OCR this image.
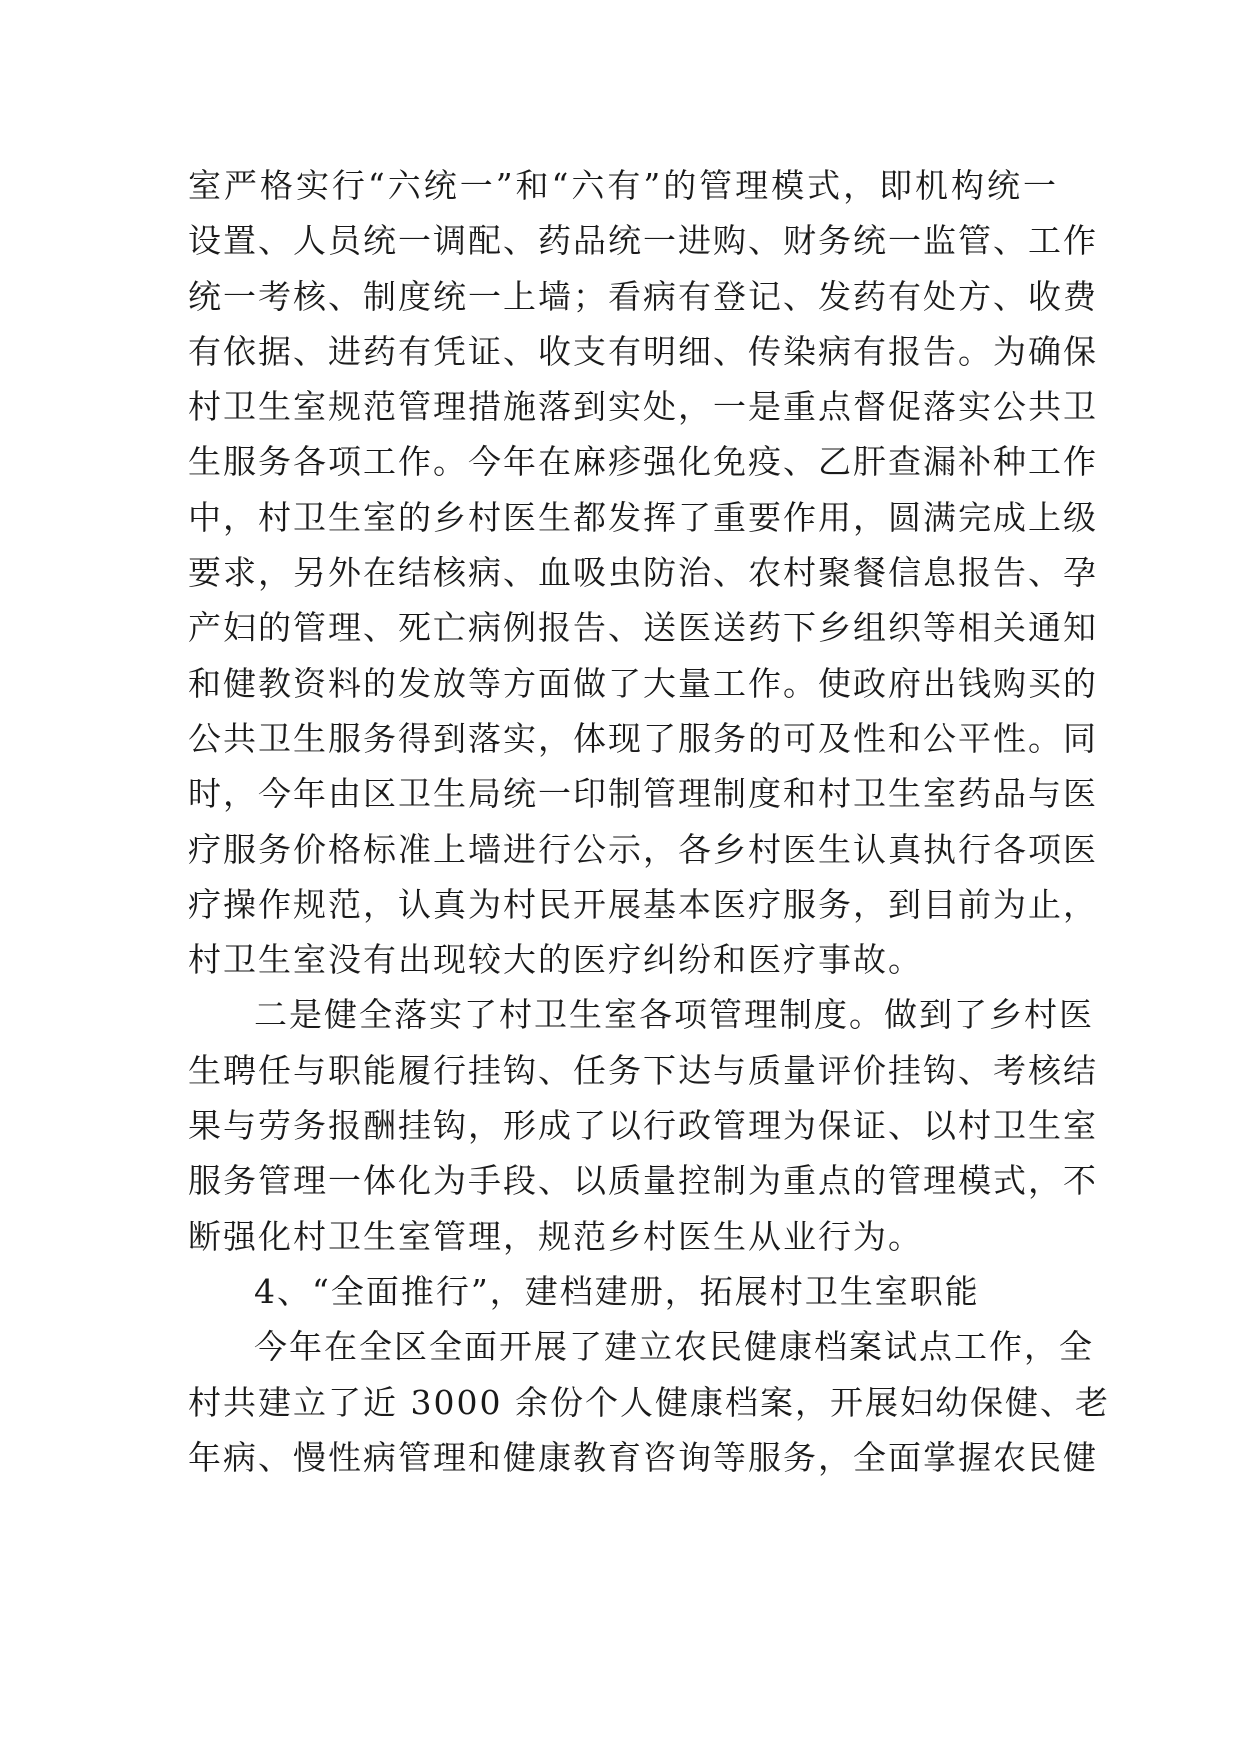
室严格实行“六统一”和“六有”的管理模式，即机构统一
设置、人员统一调配、药品统一进购、财务统一监管、工作
统一考核、制度统一上墙；看病有登记、发药有处方、收费
有依据、进药有凭证、收支有明细、传染病有报告。为确保
村卫生室规范管理措施落到实处，一是重点督促落实公共卫
生服务各项工作。今年在麻疹强化免疫、乙肝查漏补种工作
中，村卫生室的乡村医生都发挥了重要作用，圆满完成上级
要求，另外在结核病、血吸虫防治、农村聚餐信息报告、孕
产妇的管理、死亡病例报告、送医送药下乡组织等相关通知
和健教资料的发放等方面做了大量工作。使政府出钱购买的
公共卫生服务得到落实，体现了服务的可及性和公平性。同
时，今年由区卫生局统一印制管理制度和村卫生室药品与医
疗服务价格标准上墙进行公示，各乡村医生认真执行各项医
疗操作规范，认真为村民开展基本医疗服务，到目前为止，
村卫生室没有出现较大的医疗纠纷和医疗事故。
二是健全落实了村卫生室各项管理制度。做到了乡村医
生聘任与职能履行挂钩、任务下达与质量评价挂钩、考核结
果与劳务报酬挂钩，形成了以行政管理为保证、以村卫生室
服务管理一体化为手段、以质量控制为重点的管理模式，不
断强化村卫生室管理，规范乡村医生从业行为。
4、“全面推行”，建档建册，拓展村卫生室职能
今年在全区全面开展了建立农民健康档案试点工作，全
村共建立了近 3000 余份个人健康档案，开展妇幼保健、老
年病、慢性病管理和健康教育咨询等服务，全面掌握农民健
